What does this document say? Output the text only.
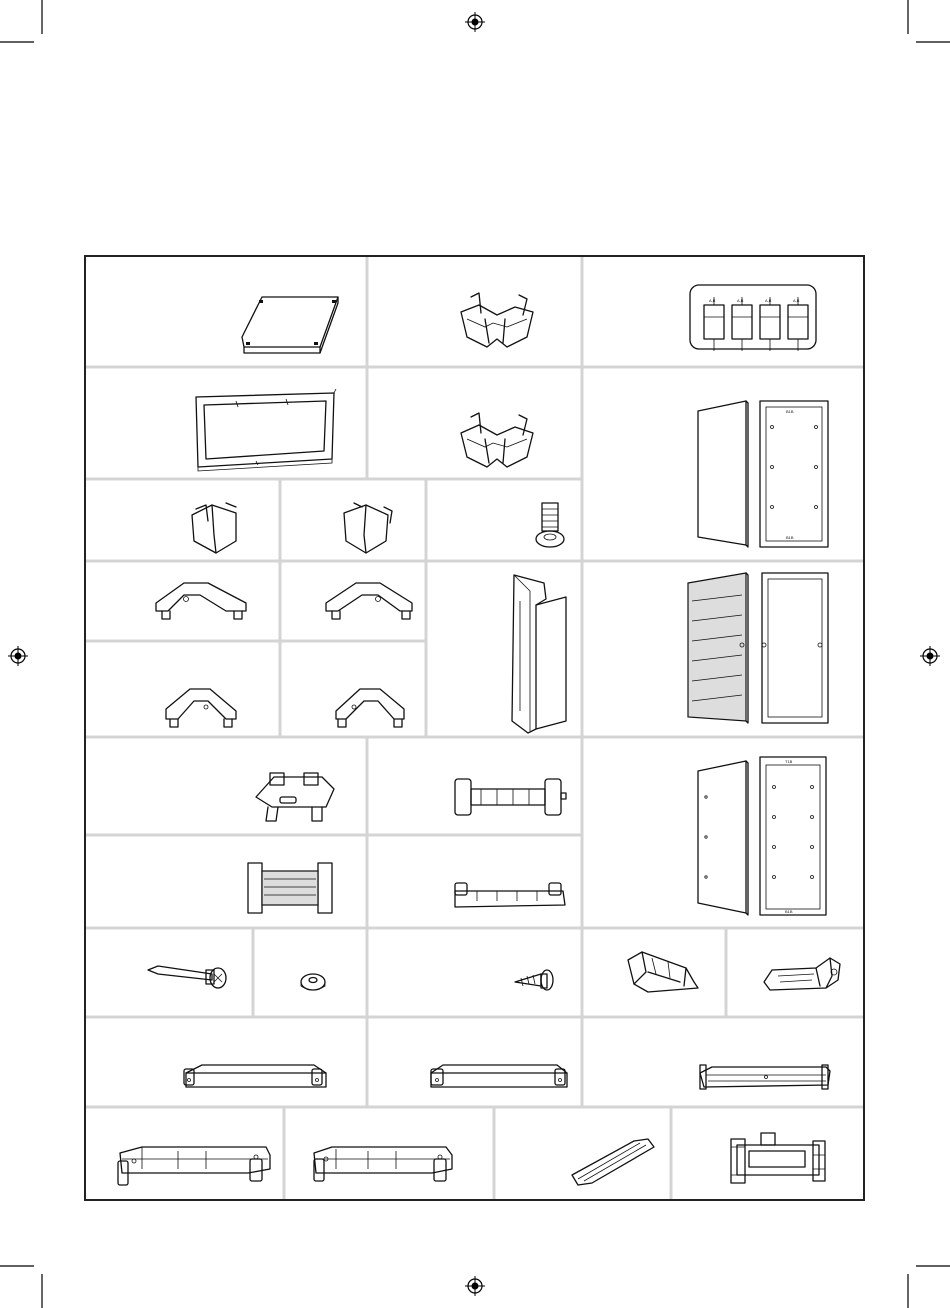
A,B	A,B	A,B	A,B
B1B
B1B
T1B
B1B
